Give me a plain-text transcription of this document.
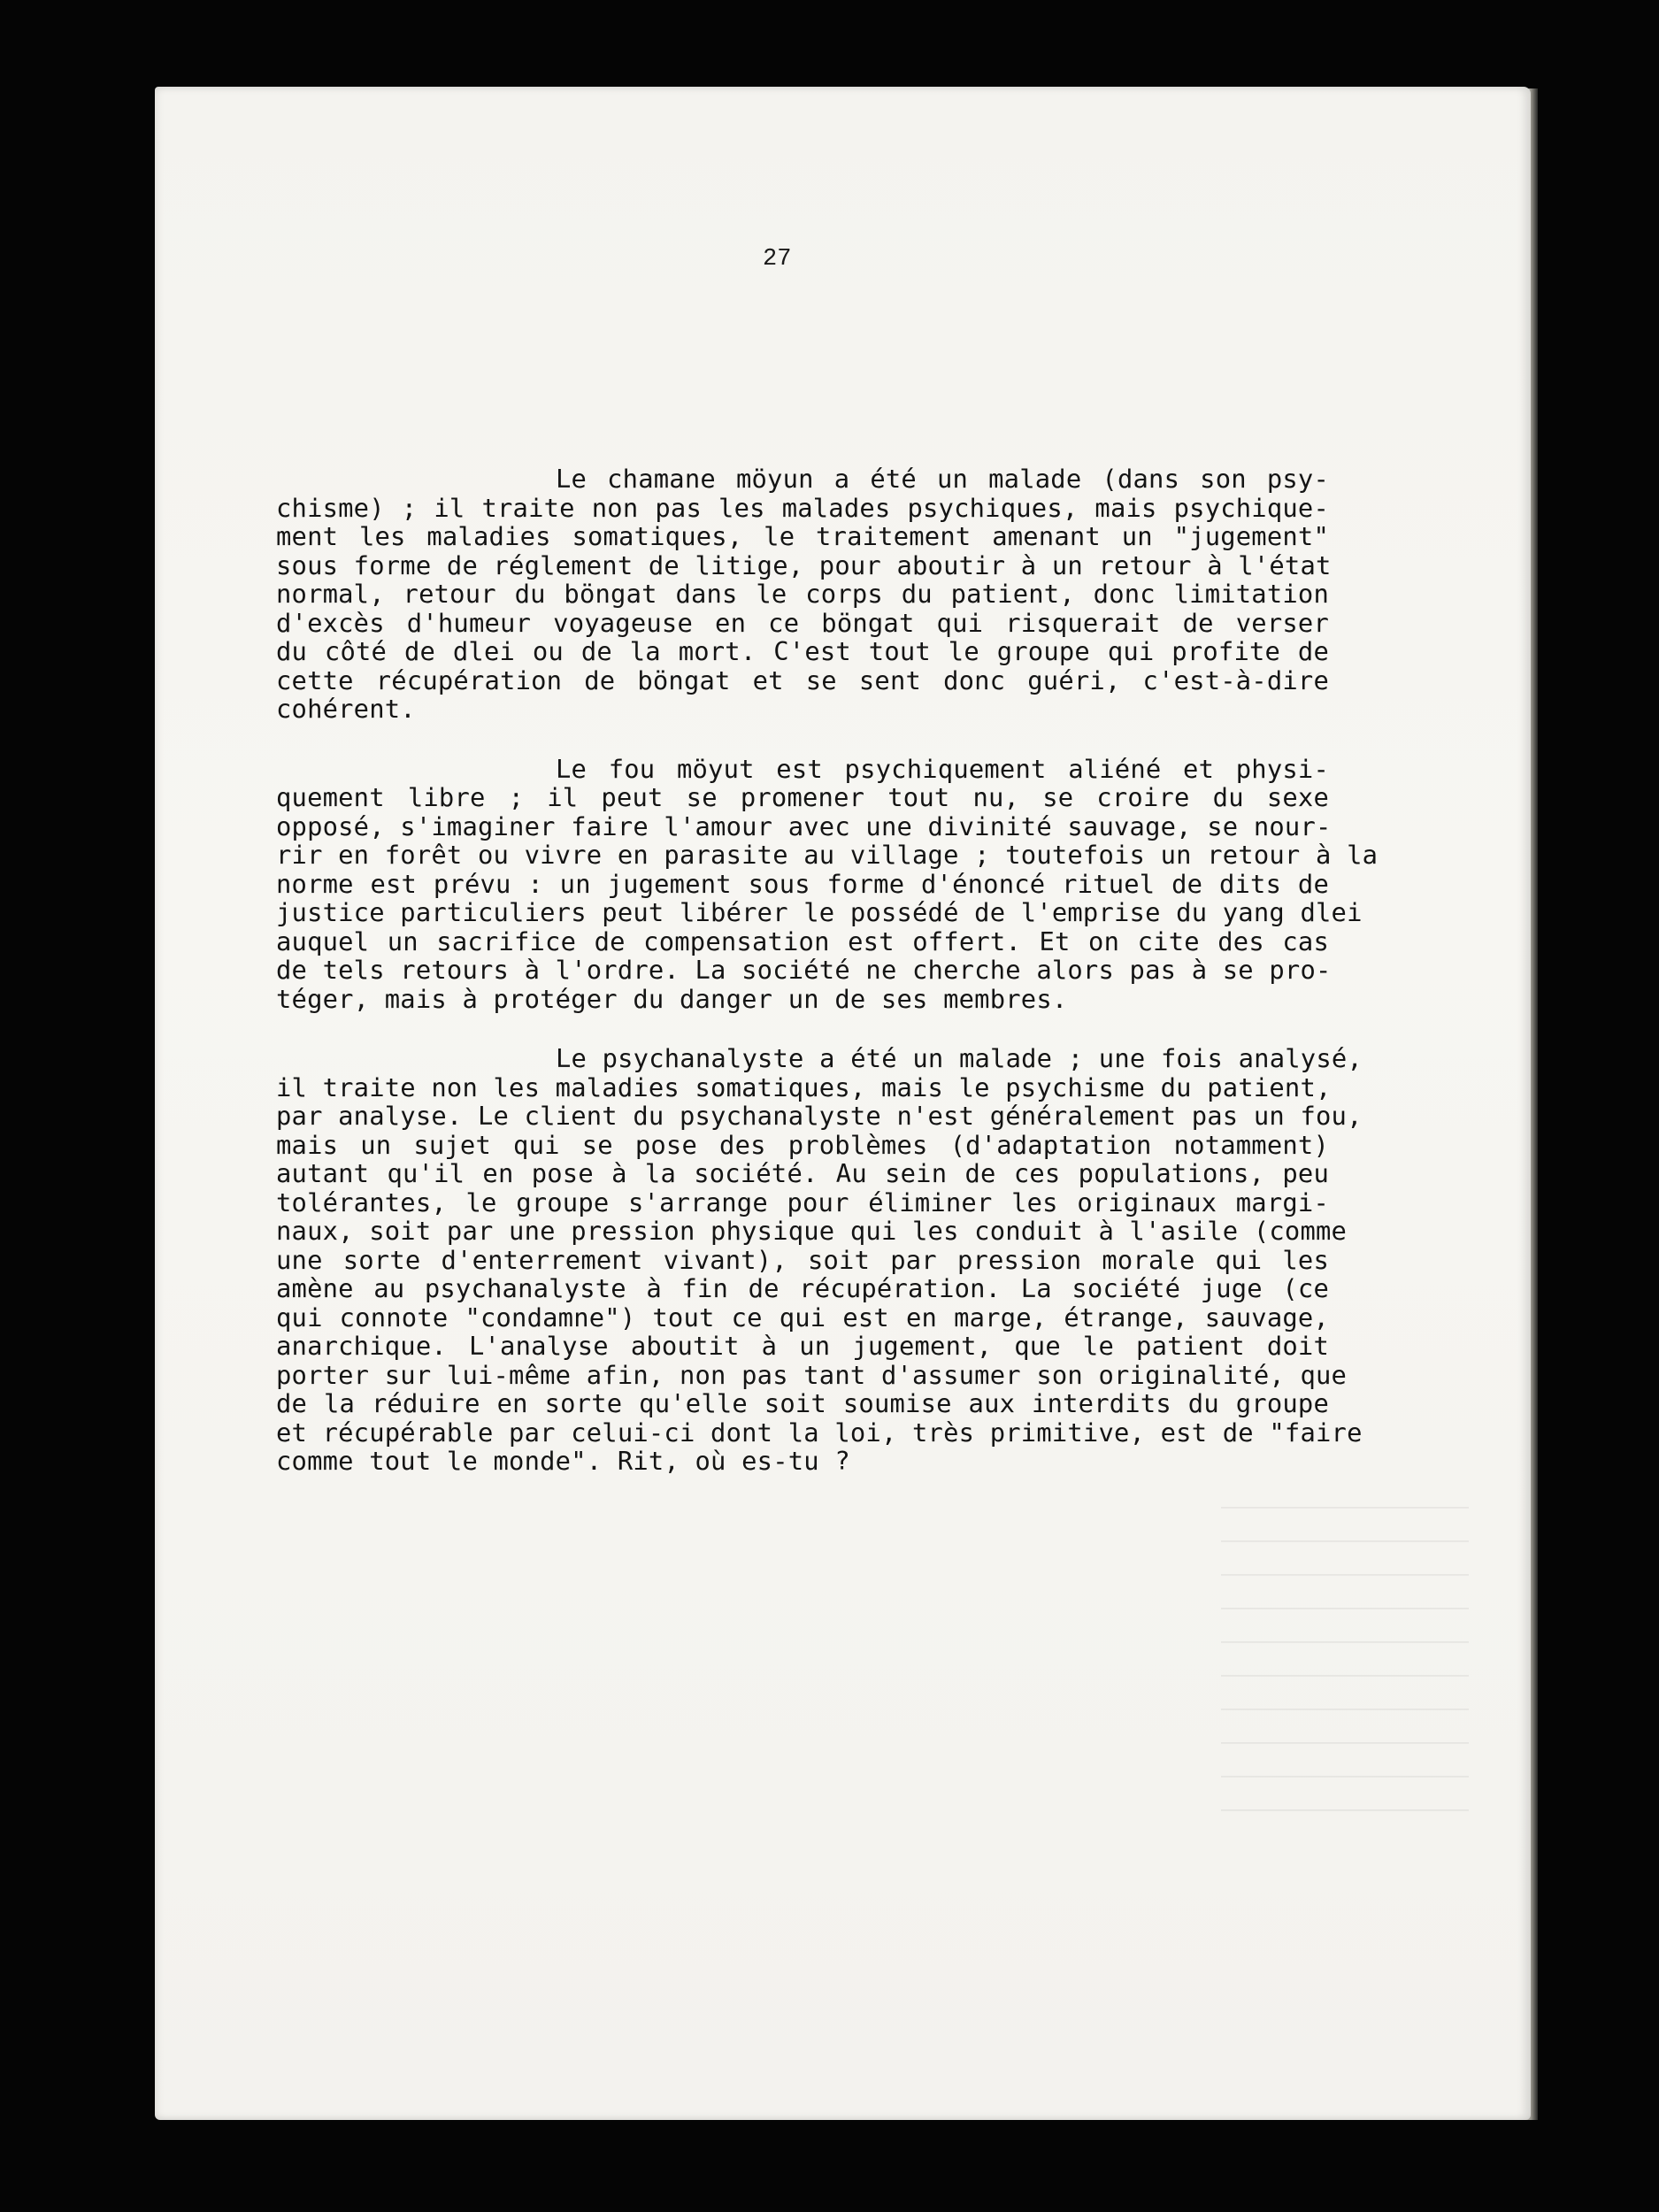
____________________
____________________
____________________
____________________
____________________
____________________
____________________
____________________
____________________
____________________
27
Le chamane möyun a été un malade (dans son psy-
chisme) ; il traite non pas les malades psychiques, mais psychique-
ment les maladies somatiques, le traitement amenant un "jugement"
sous forme de réglement de litige, pour aboutir à un retour à l'état
normal, retour du böngat dans le corps du patient, donc limitation
d'excès d'humeur voyageuse en ce böngat qui risquerait de verser
du côté de dlei ou de la mort. C'est tout le groupe qui profite de
cette récupération de böngat et se sent donc guéri, c'est-à-dire
cohérent.
Le fou möyut est psychiquement aliéné et physi-
quement libre ; il peut se promener tout nu, se croire du sexe
opposé, s'imaginer faire l'amour avec une divinité sauvage, se nour-
rir en forêt ou vivre en parasite au village ; toutefois un retour à la
norme est prévu : un jugement sous forme d'énoncé rituel de dits de
justice particuliers peut libérer le possédé de l'emprise du yang dlei
auquel un sacrifice de compensation est offert. Et on cite des cas
de tels retours à l'ordre. La société ne cherche alors pas à se pro-
téger, mais à protéger du danger un de ses membres.
Le psychanalyste a été un malade ; une fois analysé,
il traite non les maladies somatiques, mais le psychisme du patient,
par analyse. Le client du psychanalyste n'est généralement pas un fou,
mais un sujet qui se pose des problèmes (d'adaptation notamment)
autant qu'il en pose à la société. Au sein de ces populations, peu
tolérantes, le groupe s'arrange pour éliminer les originaux margi-
naux, soit par une pression physique qui les conduit à l'asile (comme
une sorte d'enterrement vivant), soit par pression morale qui les
amène au psychanalyste à fin de récupération. La société juge (ce
qui connote "condamne") tout ce qui est en marge, étrange, sauvage,
anarchique. L'analyse aboutit à un jugement, que le patient doit
porter sur lui-même afin, non pas tant d'assumer son originalité, que
de la réduire en sorte qu'elle soit soumise aux interdits du groupe
et récupérable par celui-ci dont la loi, très primitive, est de "faire
comme tout le monde". Rit, où es-tu ?
